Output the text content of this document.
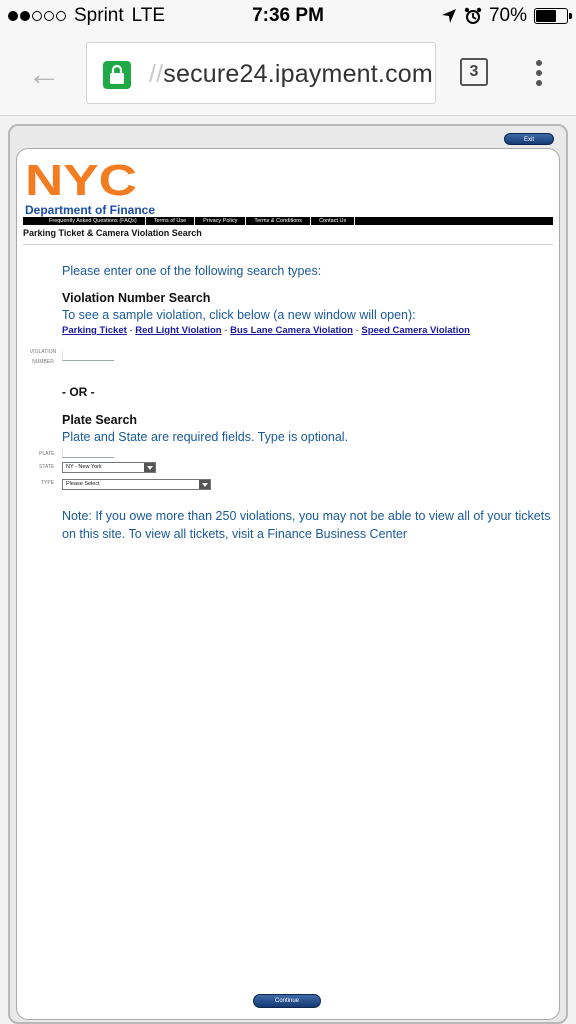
Sprint LTE	7:36 PM	70%
←	//secure24.ipayment.com	3
Exit
NYC
Department of Finance
Frequently Asked Questions (FAQs)	Terms of Use	Privacy Policy	Terms & Conditions	Contact Us
Parking Ticket & Camera Violation Search
Please enter one of the following search types:
Violation Number Search
To see a sample violation, click below (a new window will open):
Parking Ticket - Red Light Violation - Bus Lane Camera Violation - Speed Camera Violation
VIOLATION
NUMBER
- OR -
Plate Search
Plate and State are required fields. Type is optional.
PLATE
STATE	NY - New York
TYPE	Please Select
Note: If you owe more than 250 violations, you may not be able to view all of your tickets on this site. To view all tickets, visit a Finance Business Center
Continue
